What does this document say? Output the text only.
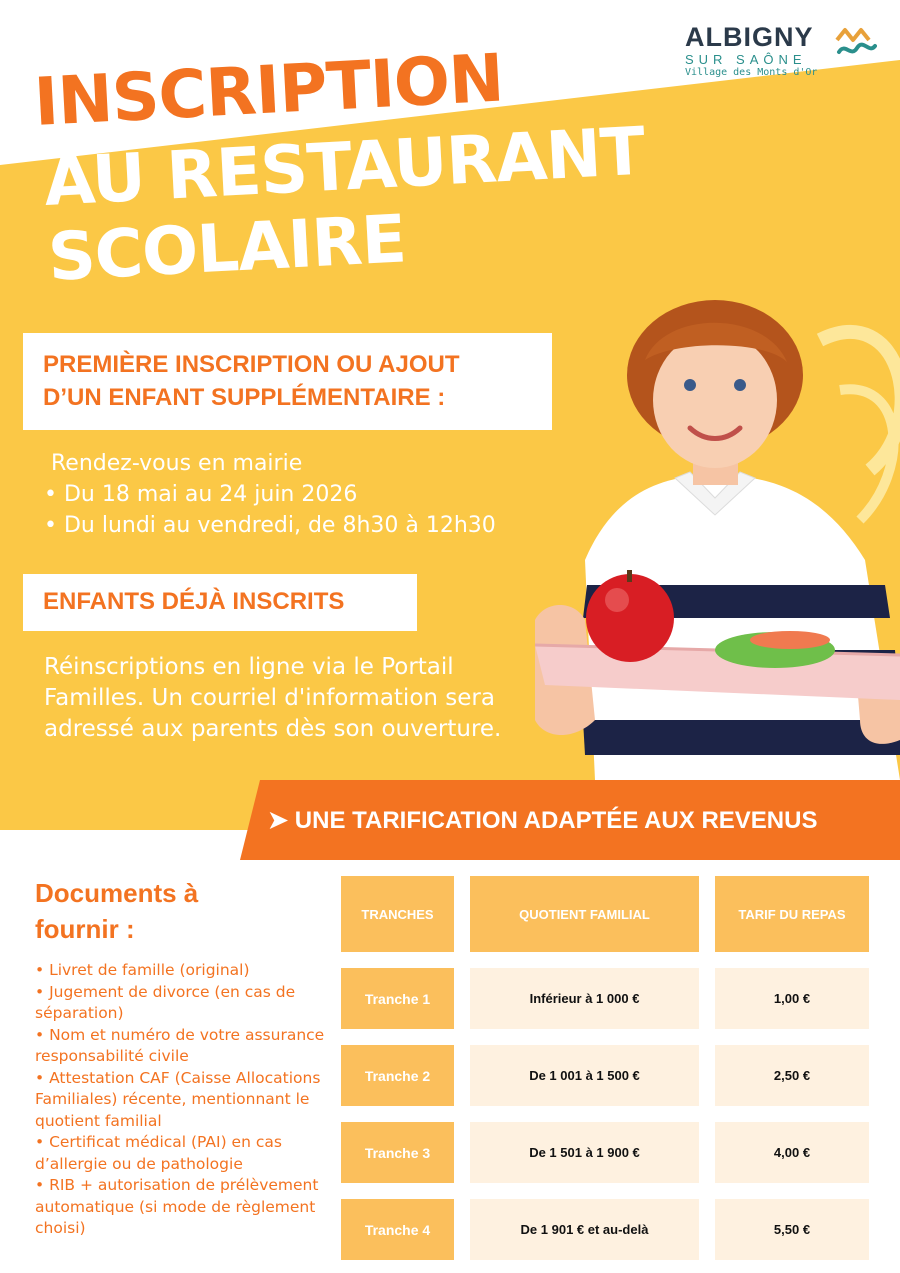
ALBIGNY
SUR SAÔNE
Village des Monts d'Or
INSCRIPTION
AU RESTAURANT
SCOLAIRE
PREMIÈRE INSCRIPTION OU AJOUT
D’UN ENFANT SUPPLÉMENTAIRE :
Rendez-vous en mairie
• Du 18 mai au 24 juin 2026
• Du lundi au vendredi, de 8h30 à 12h30
ENFANTS DÉJÀ INSCRITS
Réinscriptions en ligne via le Portail
Familles. Un courriel d'information sera
adressé aux parents dès son ouverture.
➤ UNE TARIFICATION ADAPTÉE AUX REVENUS
Documents à
fournir :
• Livret de famille (original)
• Jugement de divorce (en cas de séparation)
• Nom et numéro de votre assurance responsabilité civile
• Attestation CAF (Caisse Allocations Familiales) récente, mentionnant le quotient familial
• Certificat médical (PAI) en cas d’allergie ou de pathologie
• RIB + autorisation de prélèvement automatique (si mode de règlement choisi)
TRANCHES	QUOTIENT FAMILIAL	TARIF DU REPAS
Tranche 1	Inférieur à 1 000 €	1,00 €
Tranche 2	De 1 001 à 1 500 €	2,50 €
Tranche 3	De 1 501 à 1 900 €	4,00 €
Tranche 4	De 1 901 € et au-delà	5,50 €
